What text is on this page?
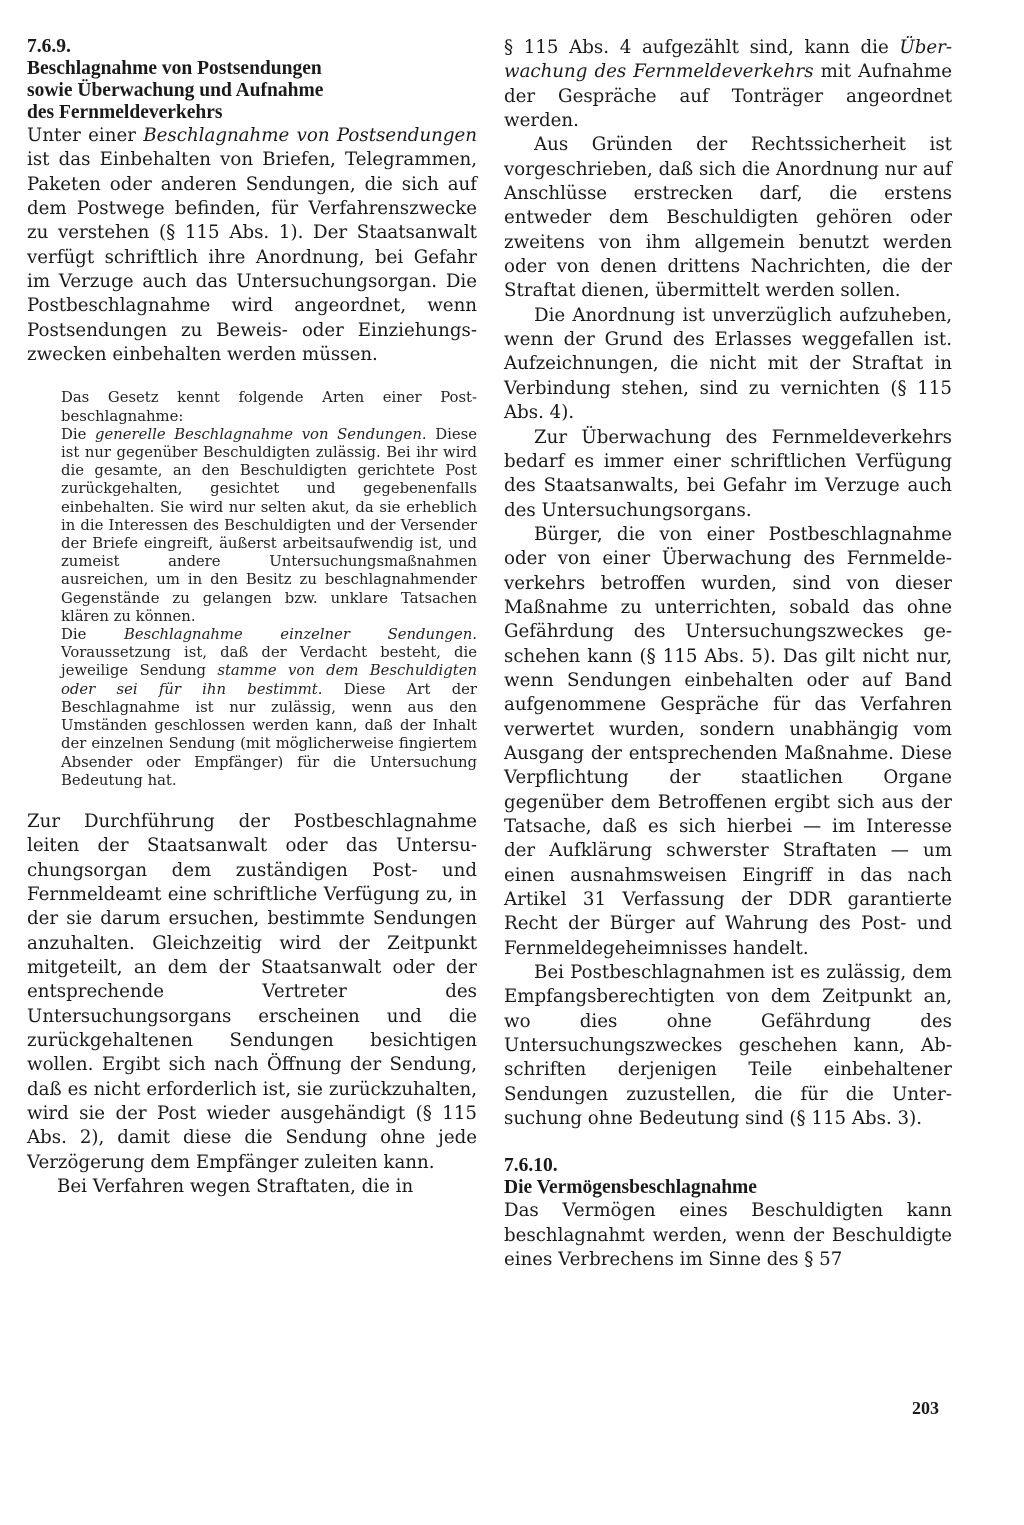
7.6.9.
Beschlagnahme von Postsendungen
sowie Überwachung und Aufnahme
des Fernmeldeverkehrs

Unter einer Beschlagnahme von Postsendungen ist das Einbehalten von Briefen, Telegrammen, Paketen oder anderen Sendungen, die sich auf dem Postwege befinden, für Verfahrenszwecke zu verstehen (§ 115 Abs. 1). Der Staatsanwalt verfügt schriftlich ihre Anordnung, bei Gefahr im Verzuge auch das Untersuchungsorgan. Die Postbeschlagnahme wird angeordnet, wenn Postsendungen zu Beweis- oder Einziehungszwecken einbehalten werden müssen.

Das Gesetz kennt folgende Arten einer Postbeschlagnahme:

Die generelle Beschlagnahme von Sendungen. Diese ist nur gegenüber Beschuldigten zulässig. Bei ihr wird die gesamte, an den Beschuldigten gerichtete Post zurückgehalten, gesichtet und gegebenenfalls einbehalten. Sie wird nur selten akut, da sie erheblich in die Interessen des Beschuldigten und der Versender der Briefe eingreift, äußerst arbeitsaufwendig ist, und zumeist andere Untersuchungsmaßnahmen ausreichen, um in den Besitz zu beschlagnahmender Gegenstände zu gelangen bzw. unklare Tatsachen klären zu können.

Die Beschlagnahme einzelner Sendungen. Voraussetzung ist, daß der Verdacht besteht, die jeweilige Sendung stamme von dem Beschuldigten oder sei für ihn bestimmt. Diese Art der Beschlagnahme ist nur zulässig, wenn aus den Umständen geschlossen werden kann, daß der Inhalt der einzelnen Sendung (mit möglicherweise fingiertem Absender oder Empfänger) für die Untersuchung Bedeutung hat.

Zur Durchführung der Postbeschlagnahme leiten der Staatsanwalt oder das Untersuchungsorgan dem zuständigen Post- und Fernmeldeamt eine schriftliche Verfügung zu, in der sie darum ersuchen, bestimmte Sendungen anzuhalten. Gleichzeitig wird der Zeitpunkt mitgeteilt, an dem der Staatsanwalt oder der entsprechende Vertreter des Untersuchungsorgans erscheinen und die zurückgehaltenen Sendungen besichtigen wollen. Ergibt sich nach Öffnung der Sendung, daß es nicht erforderlich ist, sie zurückzuhalten, wird sie der Post wieder ausgehändigt (§ 115 Abs. 2), damit diese die Sendung ohne jede Verzögerung dem Empfänger zuleiten kann.

Bei Verfahren wegen Straftaten, die in

§ 115 Abs. 4 aufgezählt sind, kann die Überwachung des Fernmeldeverkehrs mit Aufnahme der Gespräche auf Tonträger angeordnet werden.

Aus Gründen der Rechtssicherheit ist vorgeschrieben, daß sich die Anordnung nur auf Anschlüsse erstrecken darf, die erstens entweder dem Beschuldigten gehören oder zweitens von ihm allgemein benutzt werden oder von denen drittens Nachrichten, die der Straftat dienen, übermittelt werden sollen.

Die Anordnung ist unverzüglich aufzuheben, wenn der Grund des Erlasses weggefallen ist. Aufzeichnungen, die nicht mit der Straftat in Verbindung stehen, sind zu vernichten (§ 115 Abs. 4).

Zur Überwachung des Fernmeldeverkehrs bedarf es immer einer schriftlichen Verfügung des Staatsanwalts, bei Gefahr im Verzuge auch des Untersuchungsorgans.

Bürger, die von einer Postbeschlagnahme oder von einer Überwachung des Fernmeldeverkehrs betroffen wurden, sind von dieser Maßnahme zu unterrichten, sobald das ohne Gefährdung des Untersuchungszweckes geschehen kann (§ 115 Abs. 5). Das gilt nicht nur, wenn Sendungen einbehalten oder auf Band aufgenommene Gespräche für das Verfahren verwertet wurden, sondern unabhängig vom Ausgang der entsprechenden Maßnahme. Diese Verpflichtung der staatlichen Organe gegenüber dem Betroffenen ergibt sich aus der Tatsache, daß es sich hierbei — im Interesse der Aufklärung schwerster Straftaten — um einen ausnahmsweisen Eingriff in das nach Artikel 31 Verfassung der DDR garantierte Recht der Bürger auf Wahrung des Post- und Fernmeldegeheimnisses handelt.

Bei Postbeschlagnahmen ist es zulässig, dem Empfangsberechtigten von dem Zeitpunkt an, wo dies ohne Gefährdung des Untersuchungszweckes geschehen kann, Abschriften derjenigen Teile einbehaltener Sendungen zuzustellen, die für die Untersuchung ohne Bedeutung sind (§ 115 Abs. 3).

7.6.10.
Die Vermögensbeschlagnahme

Das Vermögen eines Beschuldigten kann beschlagnahmt werden, wenn der Beschuldigte eines Verbrechens im Sinne des § 57

203
